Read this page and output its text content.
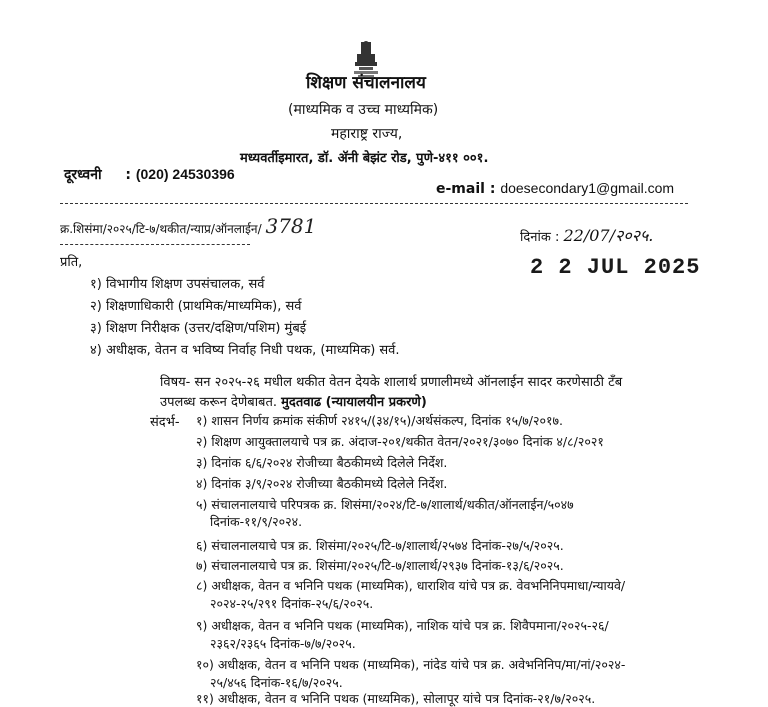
शिक्षण संचालनालय
(माध्यमिक व उच्च माध्यमिक)
महाराष्ट्र राज्य,
मध्यवर्तीइमारत, डॉ. ॲनी बेझंट रोड, पुणे-४११ ००१.
दूरध्वनी : (020) 24530396
e-mail : doesecondary1@gmail.com
क्र.शिसंमा/२०२५/टि-७/थकीत/न्याप्र/ऑनलाईन/ 3781	दिनांक : 22/07/२०२५.
2 2 JUL 2025
प्रति,
१) विभागीय शिक्षण उपसंचालक, सर्व
२) शिक्षणाधिकारी (प्राथमिक/माध्यमिक), सर्व
३) शिक्षण निरीक्षक (उत्तर/दक्षिण/पशिम) मुंबई
४) अधीक्षक, वेतन व भविष्य निर्वाह निधी पथक, (माध्यमिक) सर्व.
विषय- सन २०२५-२६ मधील थकीत वेतन देयके शालार्थ प्रणालीमध्ये ऑनलाईन सादर करणेसाठी टँब
उपलब्ध करून देणेबाबत. मुदतवाढ (न्यायालयीन प्रकरणे)
संदर्भ- १) शासन निर्णय क्रमांक संकीर्ण २४१५/(३४/१५)/अर्थसंकल्प, दिनांक १५/७/२०१७.
२) शिक्षण आयुक्तालयाचे पत्र क्र. अंदाज-२०१/थकीत वेतन/२०२१/३०७० दिनांक ४/८/२०२१
३) दिनांक ६/६/२०२४ रोजीच्या बैठकीमध्ये दिलेले निर्देश.
४) दिनांक ३/९/२०२४ रोजीच्या बैठकीमध्ये दिलेले निर्देश.
५) संचालनालयाचे परिपत्रक क्र. शिसंमा/२०२४/टि-७/शालार्थ/थकीत/ऑनलाईन/५०४७
दिनांक-११/९/२०२४.
६) संचालनालयाचे पत्र क्र. शिसंमा/२०२५/टि-७/शालार्थ/२५७४ दिनांक-२७/५/२०२५.
७) संचालनालयाचे पत्र क्र. शिसंमा/२०२५/टि-७/शालार्थ/२९३७ दिनांक-१३/६/२०२५.
८) अधीक्षक, वेतन व भनिनि पथक (माध्यमिक), धाराशिव यांचे पत्र क्र. वेवभनिनिपमाधा/न्यायवे/
२०२४-२५/२९१ दिनांक-२५/६/२०२५.
९) अधीक्षक, वेतन व भनिनि पथक (माध्यमिक), नाशिक यांचे पत्र क्र. शिवैपमाना/२०२५-२६/
२३६२/२३६५ दिनांक-७/७/२०२५.
१०) अधीक्षक, वेतन व भनिनि पथक (माध्यमिक), नांदेड यांचे पत्र क्र. अवेभनिनिप/मा/नां/२०२४-
२५/४५६ दिनांक-१६/७/२०२५.
११) अधीक्षक, वेतन व भनिनि पथक (माध्यमिक), सोलापूर यांचे पत्र दिनांक-२१/७/२०२५.
